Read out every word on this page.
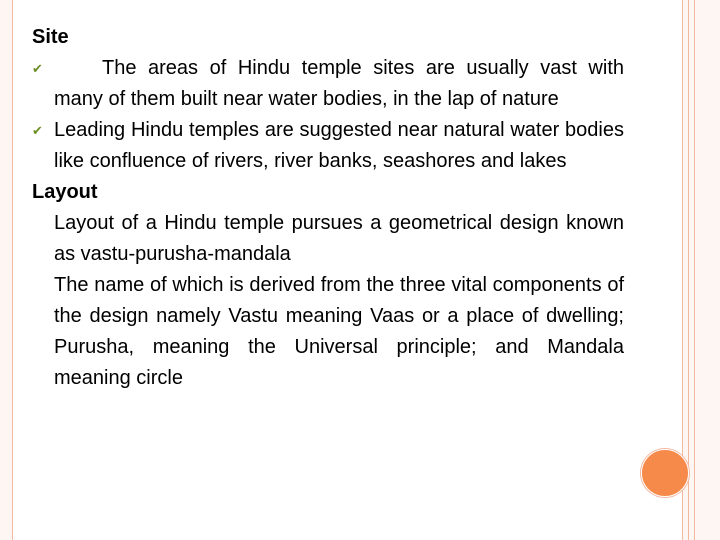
Site
✔	The areas of Hindu temple sites are usually vast with many of them built near water bodies, in the lap of nature
✔ Leading Hindu temples are suggested near natural water bodies like confluence of rivers, river banks, seashores and lakes
Layout
Layout of a Hindu temple pursues a geometrical design known as vastu-purusha-mandala
The name of which is derived from the three vital components of the design namely Vastu meaning Vaas or a place of dwelling; Purusha, meaning the Universal principle; and Mandala meaning circle
